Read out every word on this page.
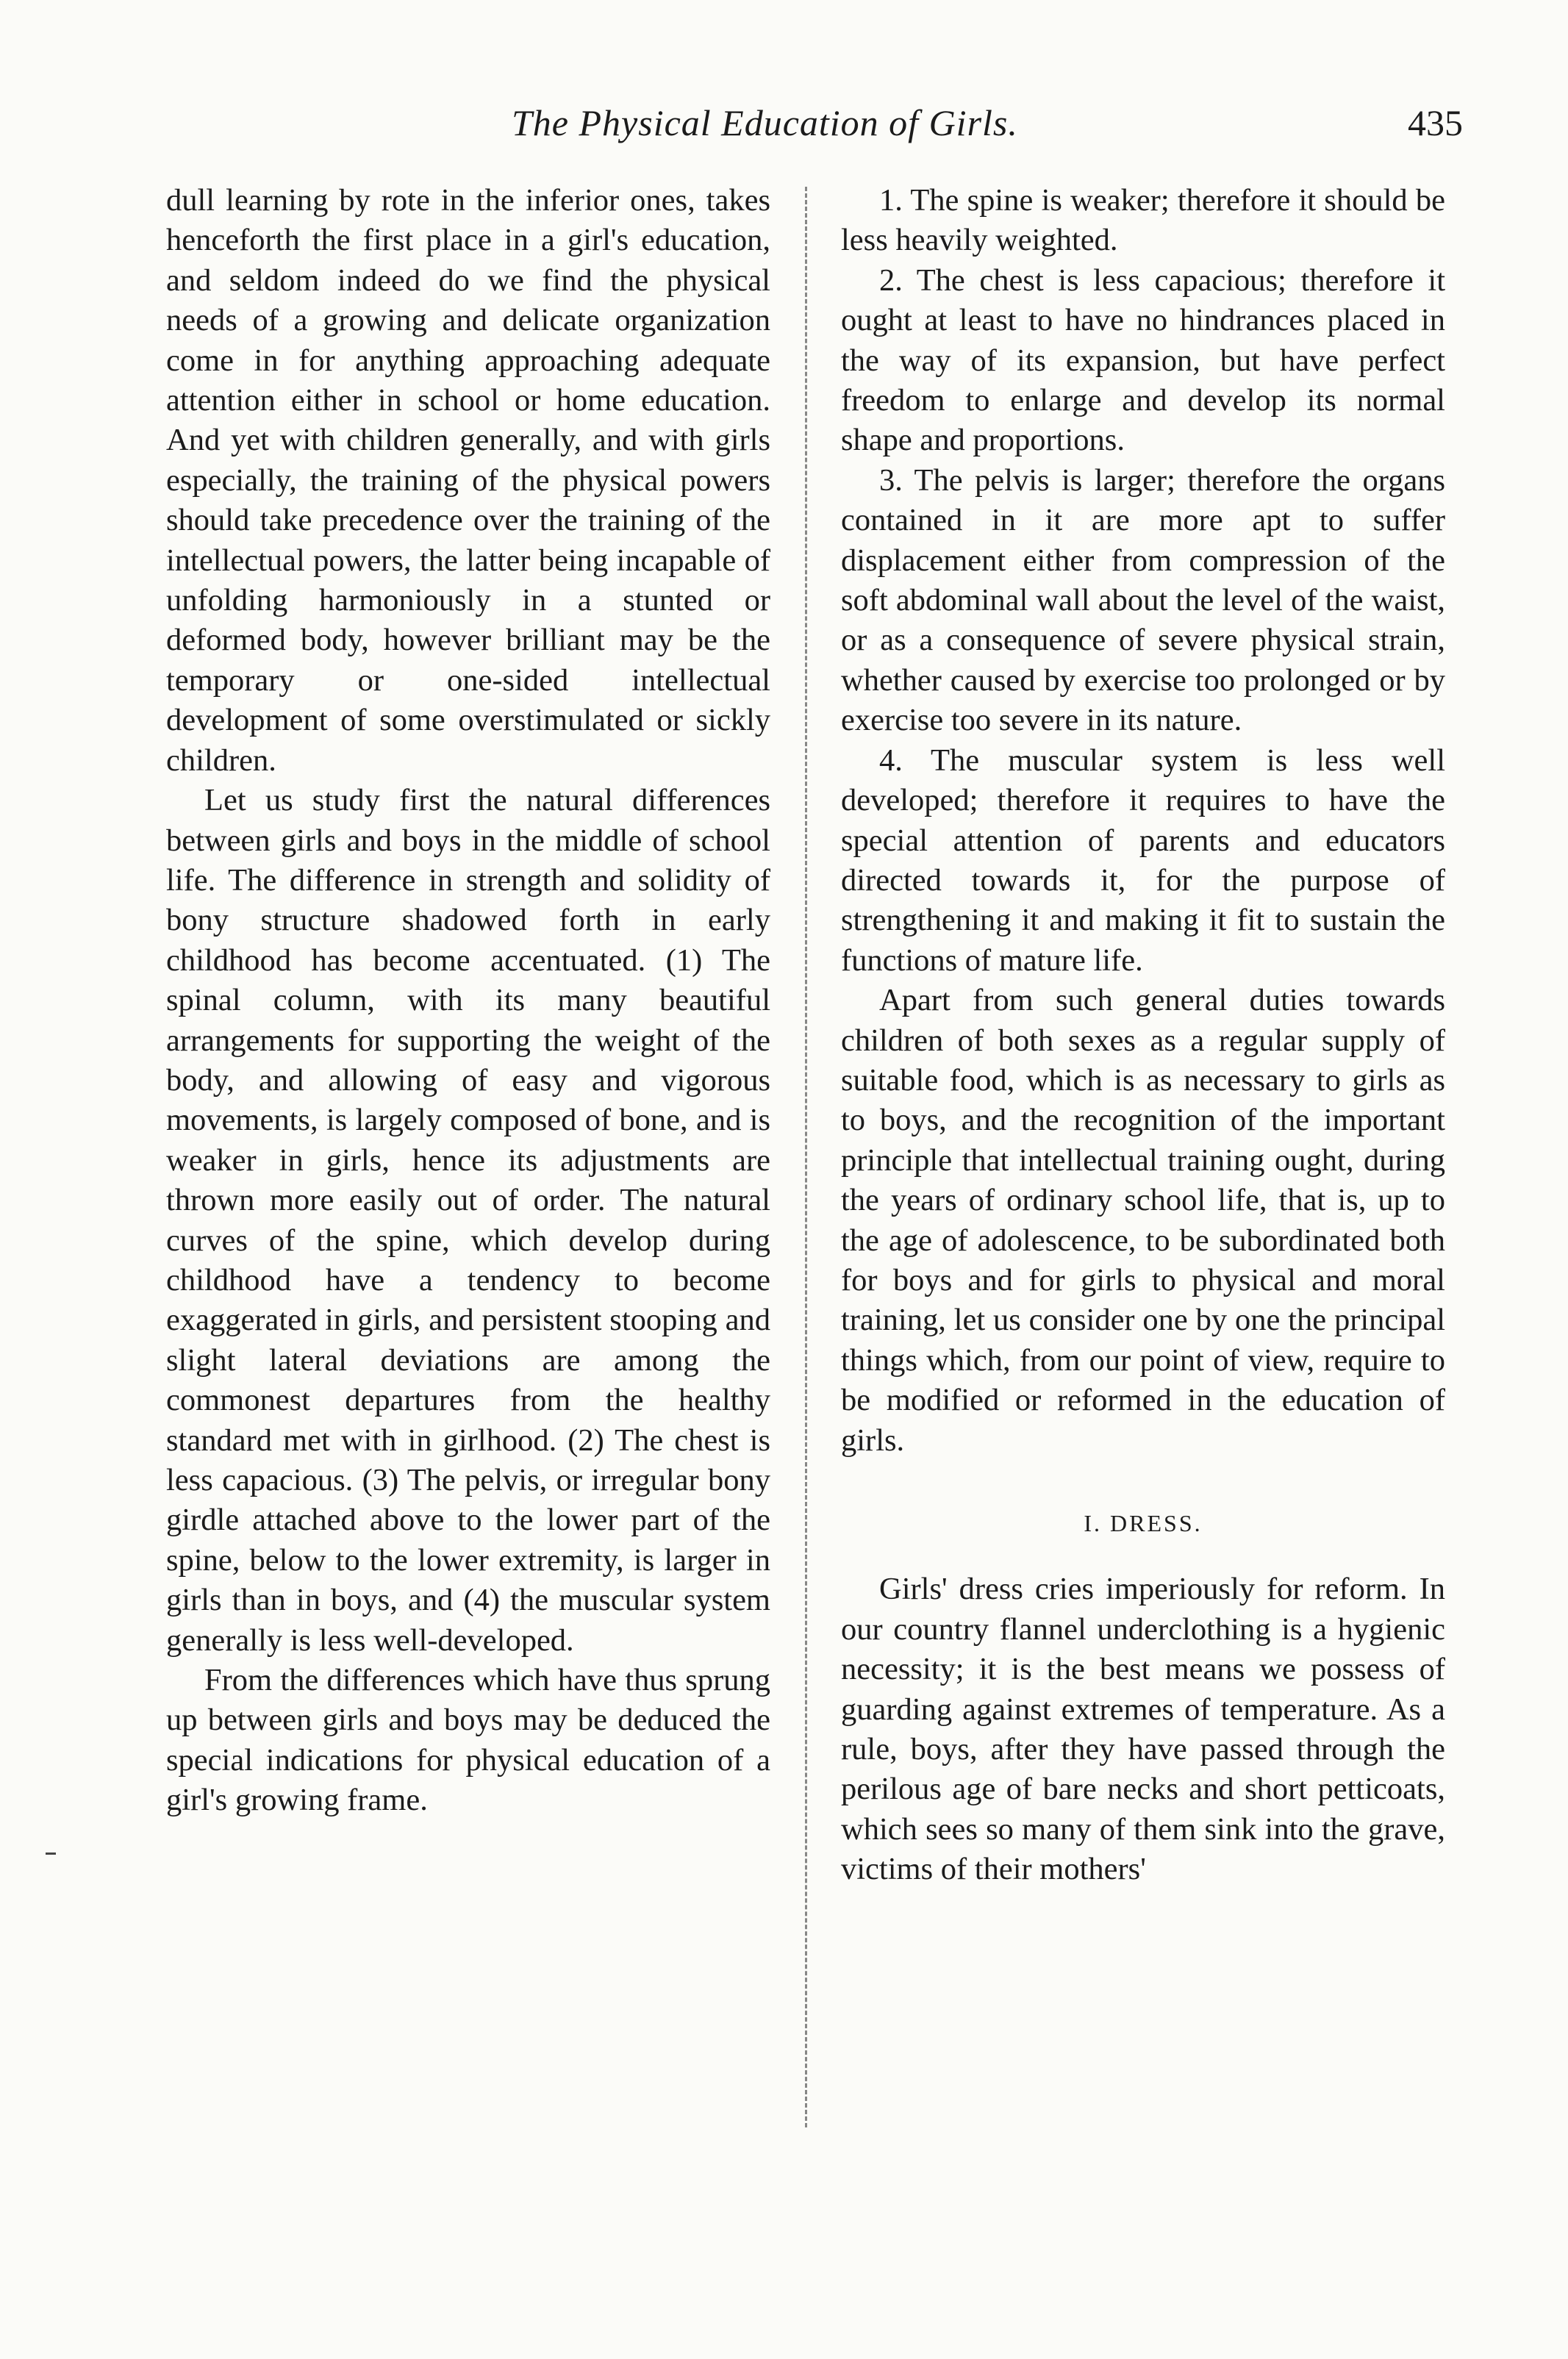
The Physical Education of Girls.	435

dull learning by rote in the inferior ones, takes henceforth the first place in a girl's education, and seldom indeed do we find the physical needs of a growing and delicate organization come in for anything approaching adequate attention either in school or home education. And yet with children generally, and with girls especially, the training of the physical powers should take precedence over the training of the intellectual powers, the latter being incapable of unfolding harmoniously in a stunted or deformed body, however brilliant may be the temporary or one-sided intellectual development of some overstimulated or sickly children.

Let us study first the natural differences between girls and boys in the middle of school life. The difference in strength and solidity of bony structure shadowed forth in early childhood has become accentuated. (1) The spinal column, with its many beautiful arrangements for supporting the weight of the body, and allowing of easy and vigorous movements, is largely composed of bone, and is weaker in girls, hence its adjustments are thrown more easily out of order. The natural curves of the spine, which develop during childhood have a tendency to become exaggerated in girls, and persistent stooping and slight lateral deviations are among the commonest departures from the healthy standard met with in girlhood. (2) The chest is less capacious. (3) The pelvis, or irregular bony girdle attached above to the lower part of the spine, below to the lower extremity, is larger in girls than in boys, and (4) the muscular system generally is less well-developed.

From the differences which have thus sprung up between girls and boys may be deduced the special indications for physical education of a girl's growing frame.

1. The spine is weaker; therefore it should be less heavily weighted.

2. The chest is less capacious; therefore it ought at least to have no hindrances placed in the way of its expansion, but have perfect freedom to enlarge and develop its normal shape and proportions.

3. The pelvis is larger; therefore the organs contained in it are more apt to suffer displacement either from compression of the soft abdominal wall about the level of the waist, or as a consequence of severe physical strain, whether caused by exercise too prolonged or by exercise too severe in its nature.

4. The muscular system is less well developed; therefore it requires to have the special attention of parents and educators directed towards it, for the purpose of strengthening it and making it fit to sustain the functions of mature life.

Apart from such general duties towards children of both sexes as a regular supply of suitable food, which is as necessary to girls as to boys, and the recognition of the important principle that intellectual training ought, during the years of ordinary school life, that is, up to the age of adolescence, to be subordinated both for boys and for girls to physical and moral training, let us consider one by one the principal things which, from our point of view, require to be modified or reformed in the education of girls.

I. DRESS.

Girls' dress cries imperiously for reform. In our country flannel underclothing is a hygienic necessity; it is the best means we possess of guarding against extremes of temperature. As a rule, boys, after they have passed through the perilous age of bare necks and short petticoats, which sees so many of them sink into the grave, victims of their mothers'
